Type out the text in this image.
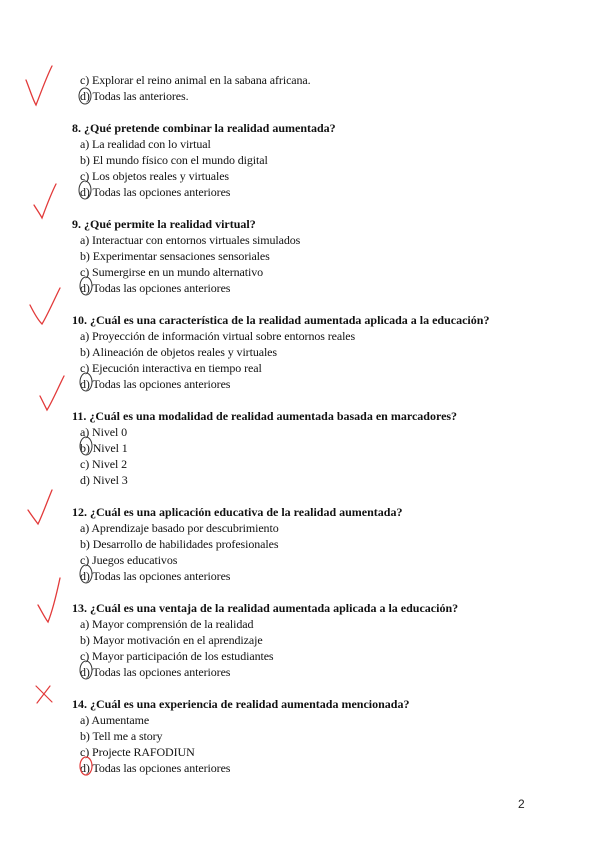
c) Explorar el reino animal en la sabana africana.
d) Todas las anteriores.
8. ¿Qué pretende combinar la realidad aumentada?
a) La realidad con lo virtual
b) El mundo físico con el mundo digital
c) Los objetos reales y virtuales
d) Todas las opciones anteriores
9. ¿Qué permite la realidad virtual?
a) Interactuar con entornos virtuales simulados
b) Experimentar sensaciones sensoriales
c) Sumergirse en un mundo alternativo
d) Todas las opciones anteriores
10. ¿Cuál es una característica de la realidad aumentada aplicada a la educación?
a) Proyección de información virtual sobre entornos reales
b) Alineación de objetos reales y virtuales
c) Ejecución interactiva en tiempo real
d) Todas las opciones anteriores
11. ¿Cuál es una modalidad de realidad aumentada basada en marcadores?
a) Nivel 0
b) Nivel 1
c) Nivel 2
d) Nivel 3
12. ¿Cuál es una aplicación educativa de la realidad aumentada?
a) Aprendizaje basado por descubrimiento
b) Desarrollo de habilidades profesionales
c) Juegos educativos
d) Todas las opciones anteriores
13. ¿Cuál es una ventaja de la realidad aumentada aplicada a la educación?
a) Mayor comprensión de la realidad
b) Mayor motivación en el aprendizaje
c) Mayor participación de los estudiantes
d) Todas las opciones anteriores
14. ¿Cuál es una experiencia de realidad aumentada mencionada?
a) Aumentame
b) Tell me a story
c) Projecte RAFODIUN
d) Todas las opciones anteriores
2
